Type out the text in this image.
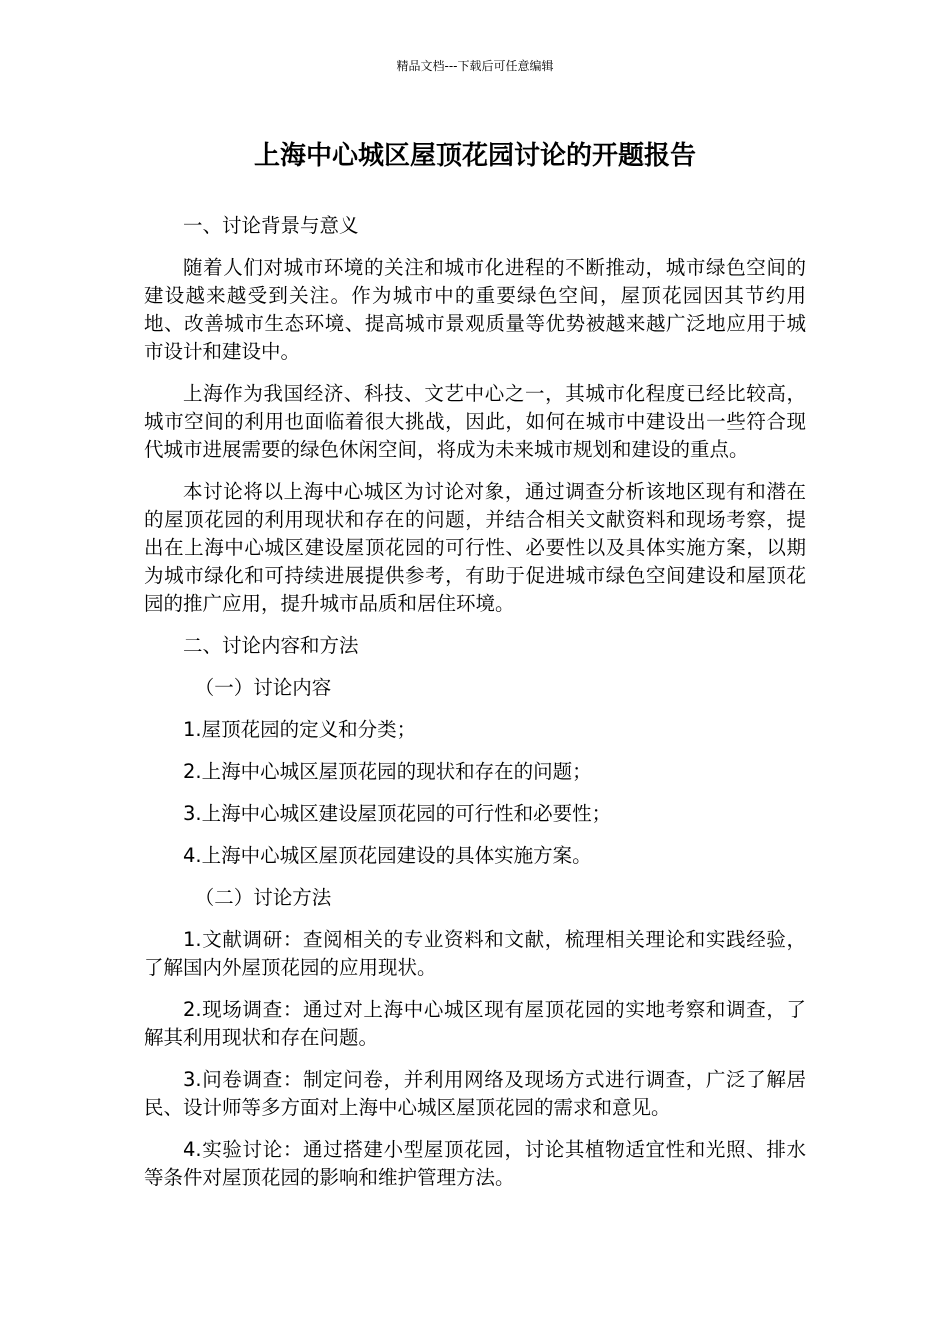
精品文档---下载后可任意编辑
上海中心城区屋顶花园讨论的开题报告

一、讨论背景与意义

随着人们对城市环境的关注和城市化进程的不断推动，城市绿色空间的建设越来越受到关注。作为城市中的重要绿色空间，屋顶花园因其节约用地、改善城市生态环境、提高城市景观质量等优势被越来越广泛地应用于城市设计和建设中。

上海作为我国经济、科技、文艺中心之一，其城市化程度已经比较高，城市空间的利用也面临着很大挑战，因此，如何在城市中建设出一些符合现代城市进展需要的绿色休闲空间，将成为未来城市规划和建设的重点。

本讨论将以上海中心城区为讨论对象，通过调查分析该地区现有和潜在的屋顶花园的利用现状和存在的问题，并结合相关文献资料和现场考察，提出在上海中心城区建设屋顶花园的可行性、必要性以及具体实施方案，以期为城市绿化和可持续进展提供参考，有助于促进城市绿色空间建设和屋顶花园的推广应用，提升城市品质和居住环境。

二、讨论内容和方法

（一）讨论内容

1.屋顶花园的定义和分类；

2.上海中心城区屋顶花园的现状和存在的问题；

3.上海中心城区建设屋顶花园的可行性和必要性；

4.上海中心城区屋顶花园建设的具体实施方案。

（二）讨论方法

1.文献调研：查阅相关的专业资料和文献，梳理相关理论和实践经验，了解国内外屋顶花园的应用现状。

2.现场调查：通过对上海中心城区现有屋顶花园的实地考察和调查，了解其利用现状和存在问题。

3.问卷调查：制定问卷，并利用网络及现场方式进行调查，广泛了解居民、设计师等多方面对上海中心城区屋顶花园的需求和意见。

4.实验讨论：通过搭建小型屋顶花园，讨论其植物适宜性和光照、排水等条件对屋顶花园的影响和维护管理方法。
